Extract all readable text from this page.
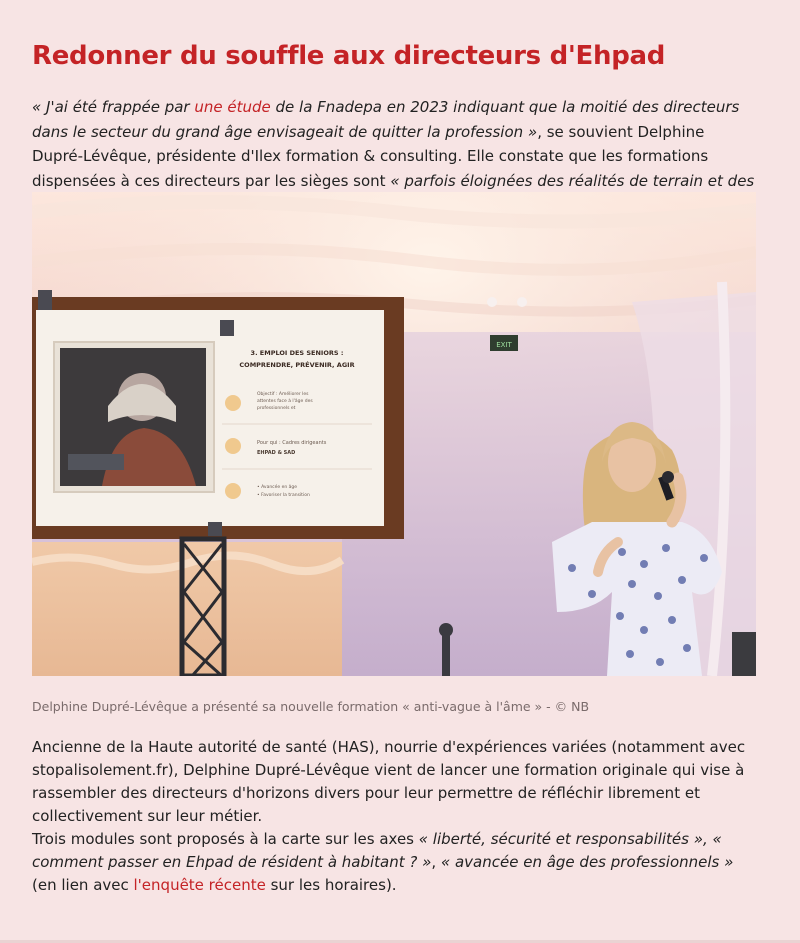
Redonner du souffle aux directeurs d'Ehpad

« J'ai été frappée par une étude de la Fnadepa en 2023 indiquant que la moitié des directeurs dans le secteur du grand âge envisageait de quitter la profession », se souvient Delphine Dupré-Lévêque, présidente d'Ilex formation & consulting. Elle constate que les formations dispensées à ces directeurs par les sièges sont « parfois éloignées des réalités de terrain et des

EXIT
3. EMPLOI DES SENIORS :
COMPRENDRE, PRÉVENIR, AGIR
Objectif : Améliorer les
attentes face à l'âge des
professionnels et
Pour qui : Cadres dirigeants
EHPAD & SAD
• Avancée en âge
• Favoriser la transition

Delphine Dupré-Lévêque a présenté sa nouvelle formation « anti-vague à l'âme » - © NB

Ancienne de la Haute autorité de santé (HAS), nourrie d'expériences variées (notamment avec stopalisolement.fr), Delphine Dupré-Lévêque vient de lancer une formation originale qui vise à rassembler des directeurs d'horizons divers pour leur permettre de réfléchir librement et collectivement sur leur métier.

Trois modules sont proposés à la carte sur les axes « liberté, sécurité et responsabilités », « comment passer en Ehpad de résident à habitant ? », « avancée en âge des professionnels » (en lien avec l'enquête récente sur les horaires).
